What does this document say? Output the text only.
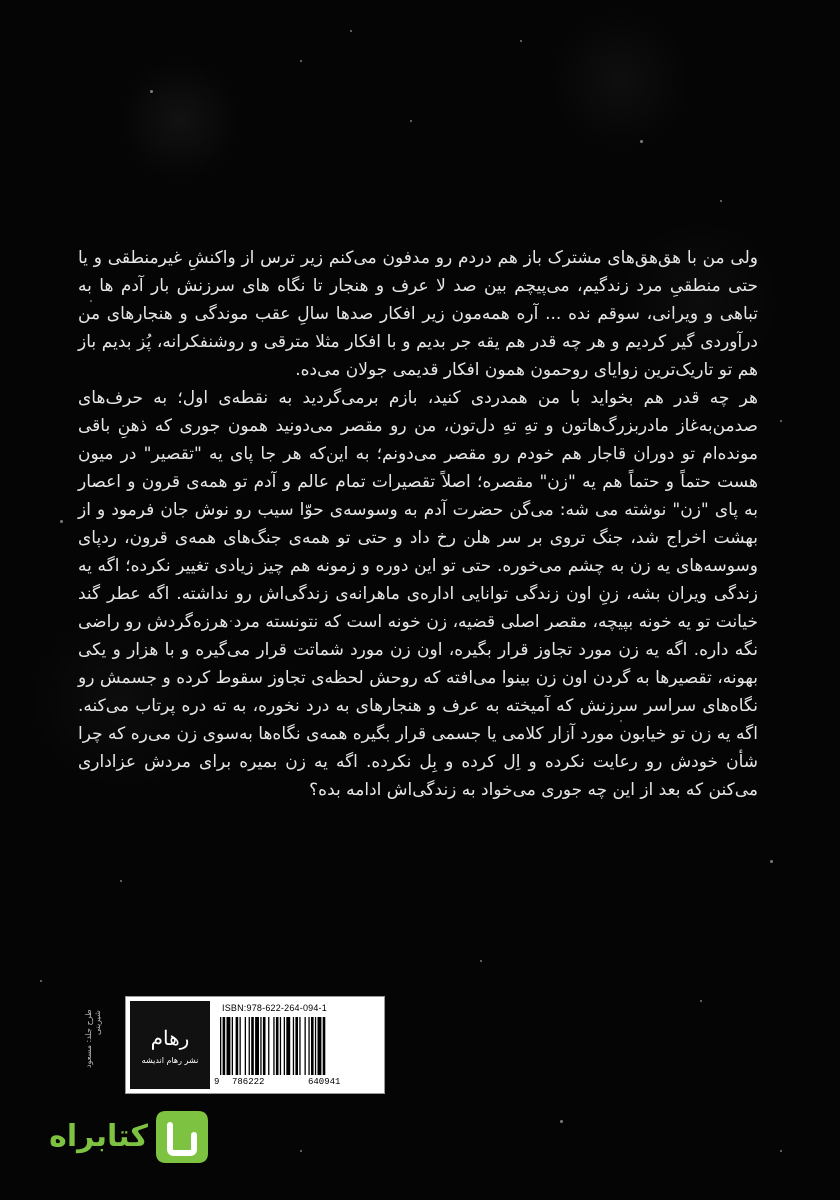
ولی من با هق‌هق‌های مشترک باز هم دردم رو مدفون می‌کنم زیر ترس از واکنشِ غیرمنطقی و یا حتی منطقیِ مرد زندگیم، می‌پیچم بین صد لا عرف و هنجار تا نگاه های سرزنش بار آدم ها به تباهی و ویرانی، سوقم نده ... آره همه‌مون زیر افکار صدها سالِ عقب موندگی و هنجارهای من درآوردی گیر کردیم و هر چه قدر هم یقه جر بدیم و با افکار مثلا مترقی و روشنفکرانه، پُز بدیم باز هم تو تاریک‌ترین زوایای روحمون همون افکار قدیمی جولان می‌ده.

هر چه قدر هم بخواید با من همدردی کنید، بازم برمی‌گردید به نقطه‌ی اول؛ به حرف‌های صدمن‌به‌غاز مادربزرگ‌هاتون و تهِ تهِ دل‌تون، من رو مقصر می‌دونید همون جوری که ذهنِ باقی مونده‌ام تو دوران قاجار هم خودم رو مقصر می‌دونم؛ به این‌که هر جا پای یه "تقصیر" در میون هست حتماً و حتماً هم یه "زن" مقصره؛ اصلاً تقصیرات تمام عالم و آدم تو همه‌ی قرون و اعصار به پای "زن" نوشته می شه: می‌گن حضرت آدم به وسوسه‌ی حوّا سیب رو نوش جان فرمود و از بهشت اخراج شد، جنگ تروی بر سر هلن رخ داد و حتی تو همه‌ی جنگ‌های همه‌ی قرون، ردپای وسوسه‌های یه زن به چشم می‌خوره. حتی تو این دوره و زمونه هم چیز زیادی تغییر نکرده؛ اگه یه زندگی ویران بشه، زنِ اون زندگی توانایی اداره‌ی ماهرانه‌ی زندگی‌اش رو نداشته. اگه عطر گند خیانت تو یه خونه بپیچه، مقصر اصلی قضیه، زن خونه است که نتونسته مرد هرزه‌گردش رو راضی نگه داره. اگه یه زن مورد تجاوز قرار بگیره، اون زن مورد شماتت قرار می‌گیره و با هزار و یکی بهونه، تقصیرها به گردن اون زن بینوا می‌افته که روحش لحظه‌ی تجاوز سقوط کرده و جسمش رو نگاه‌های سراسر سرزنش که آمیخته به عرف و هنجارهای به درد نخوره، به ته دره پرتاب می‌کنه. اگه یه زن تو خیابون مورد آزار کلامی یا جسمی قرار بگیره همه‌ی نگاه‌ها به‌سوی زن می‌ره که چرا شأن خودش رو رعایت نکرده و اِل کرده و بِل نکرده. اگه یه زن بمیره برای مردش عزاداری می‌کنن که بعد از این چه جوری می‌خواد به زندگی‌اش ادامه بده؟

طرح جلد: مسعود شیرینی
رهام
نشر رهام اندیشه
ISBN:978-622-264-094-1
9 786222	640941
کتابراه
